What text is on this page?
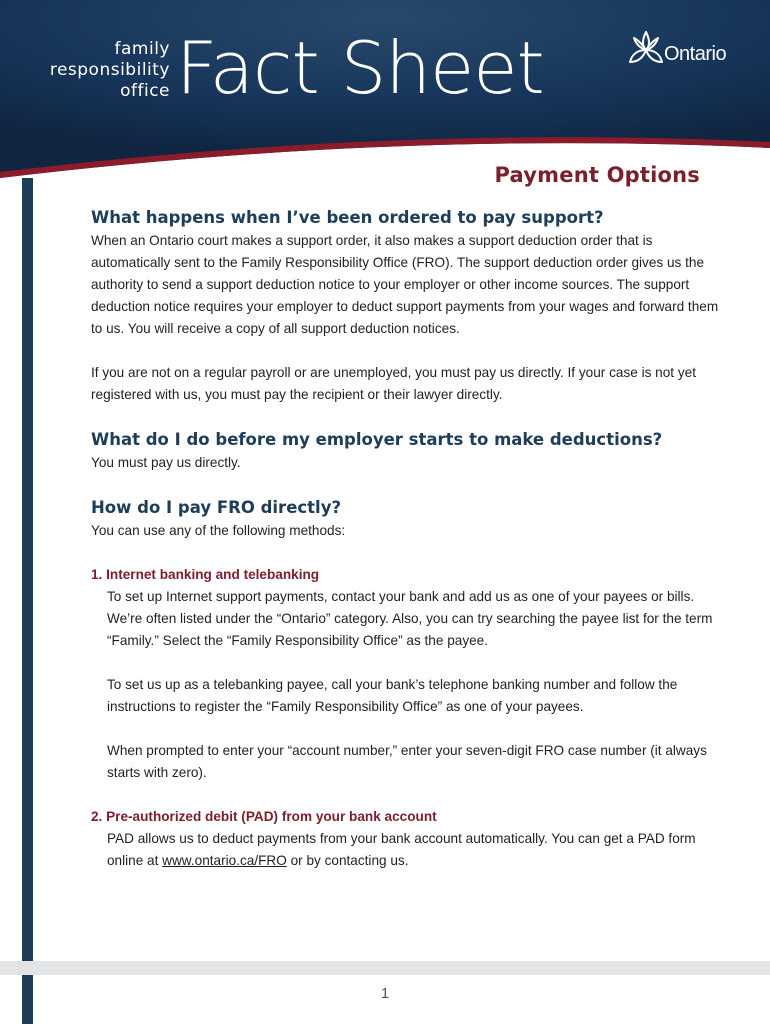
family
responsibility
office Fact Sheet	Ontario
Payment Options
What happens when I’ve been ordered to pay support?

When an Ontario court makes a support order, it also makes a support deduction order that is automatically sent to the Family Responsibility Office (FRO). The support deduction order gives us the authority to send a support deduction notice to your employer or other income sources. The support deduction notice requires your employer to deduct support payments from your wages and forward them to us. You will receive a copy of all support deduction notices.

If you are not on a regular payroll or are unemployed, you must pay us directly. If your case is not yet registered with us, you must pay the recipient or their lawyer directly.

What do I do before my employer starts to make deductions?

You must pay us directly.

How do I pay FRO directly?

You can use any of the following methods:

1. Internet banking and telebanking

To set up Internet support payments, contact your bank and add us as one of your payees or bills. We’re often listed under the “Ontario” category. Also, you can try searching the payee list for the term “Family.” Select the “Family Responsibility Office” as the payee.

To set us up as a telebanking payee, call your bank’s telephone banking number and follow the instructions to register the “Family Responsibility Office” as one of your payees.

When prompted to enter your “account number,” enter your seven-digit FRO case number (it always starts with zero).

2. Pre-authorized debit (PAD) from your bank account

PAD allows us to deduct payments from your bank account automatically. You can get a PAD form online at www.ontario.ca/FRO or by contacting us.

1
